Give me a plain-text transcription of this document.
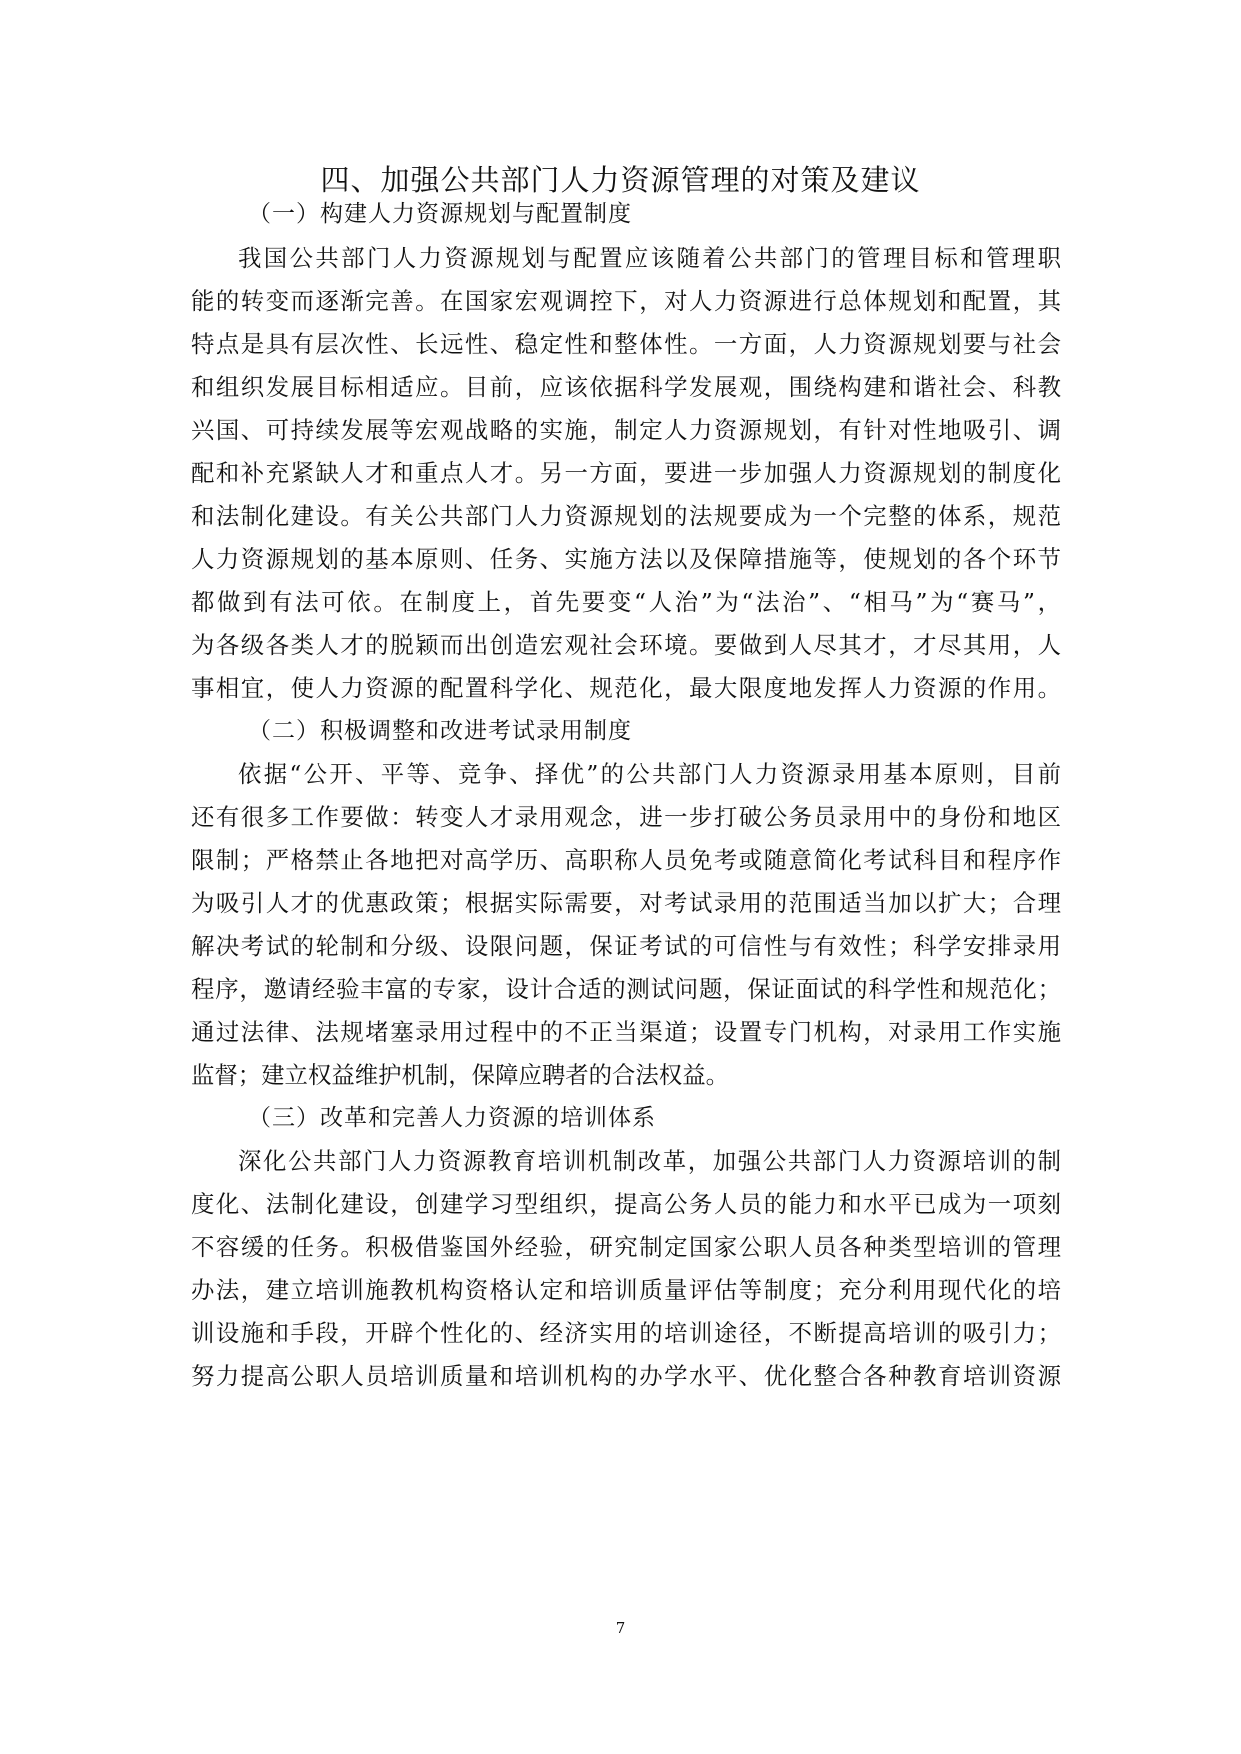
四、加强公共部门人力资源管理的对策及建议
（一）构建人力资源规划与配置制度
我国公共部门人力资源规划与配置应该随着公共部门的管理目标和管理职
能的转变而逐渐完善。在国家宏观调控下，对人力资源进行总体规划和配置，其
特点是具有层次性、长远性、稳定性和整体性。一方面，人力资源规划要与社会
和组织发展目标相适应。目前，应该依据科学发展观，围绕构建和谐社会、科教
兴国、可持续发展等宏观战略的实施，制定人力资源规划，有针对性地吸引、调
配和补充紧缺人才和重点人才。另一方面，要进一步加强人力资源规划的制度化
和法制化建设。有关公共部门人力资源规划的法规要成为一个完整的体系，规范
人力资源规划的基本原则、任务、实施方法以及保障措施等，使规划的各个环节
都做到有法可依。在制度上，首先要变“人治”为“法治”、“相马”为“赛马”，
为各级各类人才的脱颖而出创造宏观社会环境。要做到人尽其才，才尽其用，人
事相宜，使人力资源的配置科学化、规范化，最大限度地发挥人力资源的作用。
（二）积极调整和改进考试录用制度
依据“公开、平等、竞争、择优”的公共部门人力资源录用基本原则，目前
还有很多工作要做：转变人才录用观念，进一步打破公务员录用中的身份和地区
限制；严格禁止各地把对高学历、高职称人员免考或随意简化考试科目和程序作
为吸引人才的优惠政策；根据实际需要，对考试录用的范围适当加以扩大；合理
解决考试的轮制和分级、设限问题，保证考试的可信性与有效性；科学安排录用
程序，邀请经验丰富的专家，设计合适的测试问题，保证面试的科学性和规范化；
通过法律、法规堵塞录用过程中的不正当渠道；设置专门机构，对录用工作实施
监督；建立权益维护机制，保障应聘者的合法权益。
（三）改革和完善人力资源的培训体系
深化公共部门人力资源教育培训机制改革，加强公共部门人力资源培训的制
度化、法制化建设，创建学习型组织，提高公务人员的能力和水平已成为一项刻
不容缓的任务。积极借鉴国外经验，研究制定国家公职人员各种类型培训的管理
办法，建立培训施教机构资格认定和培训质量评估等制度；充分利用现代化的培
训设施和手段，开辟个性化的、经济实用的培训途径，不断提高培训的吸引力；
努力提高公职人员培训质量和培训机构的办学水平、优化整合各种教育培训资源
7
